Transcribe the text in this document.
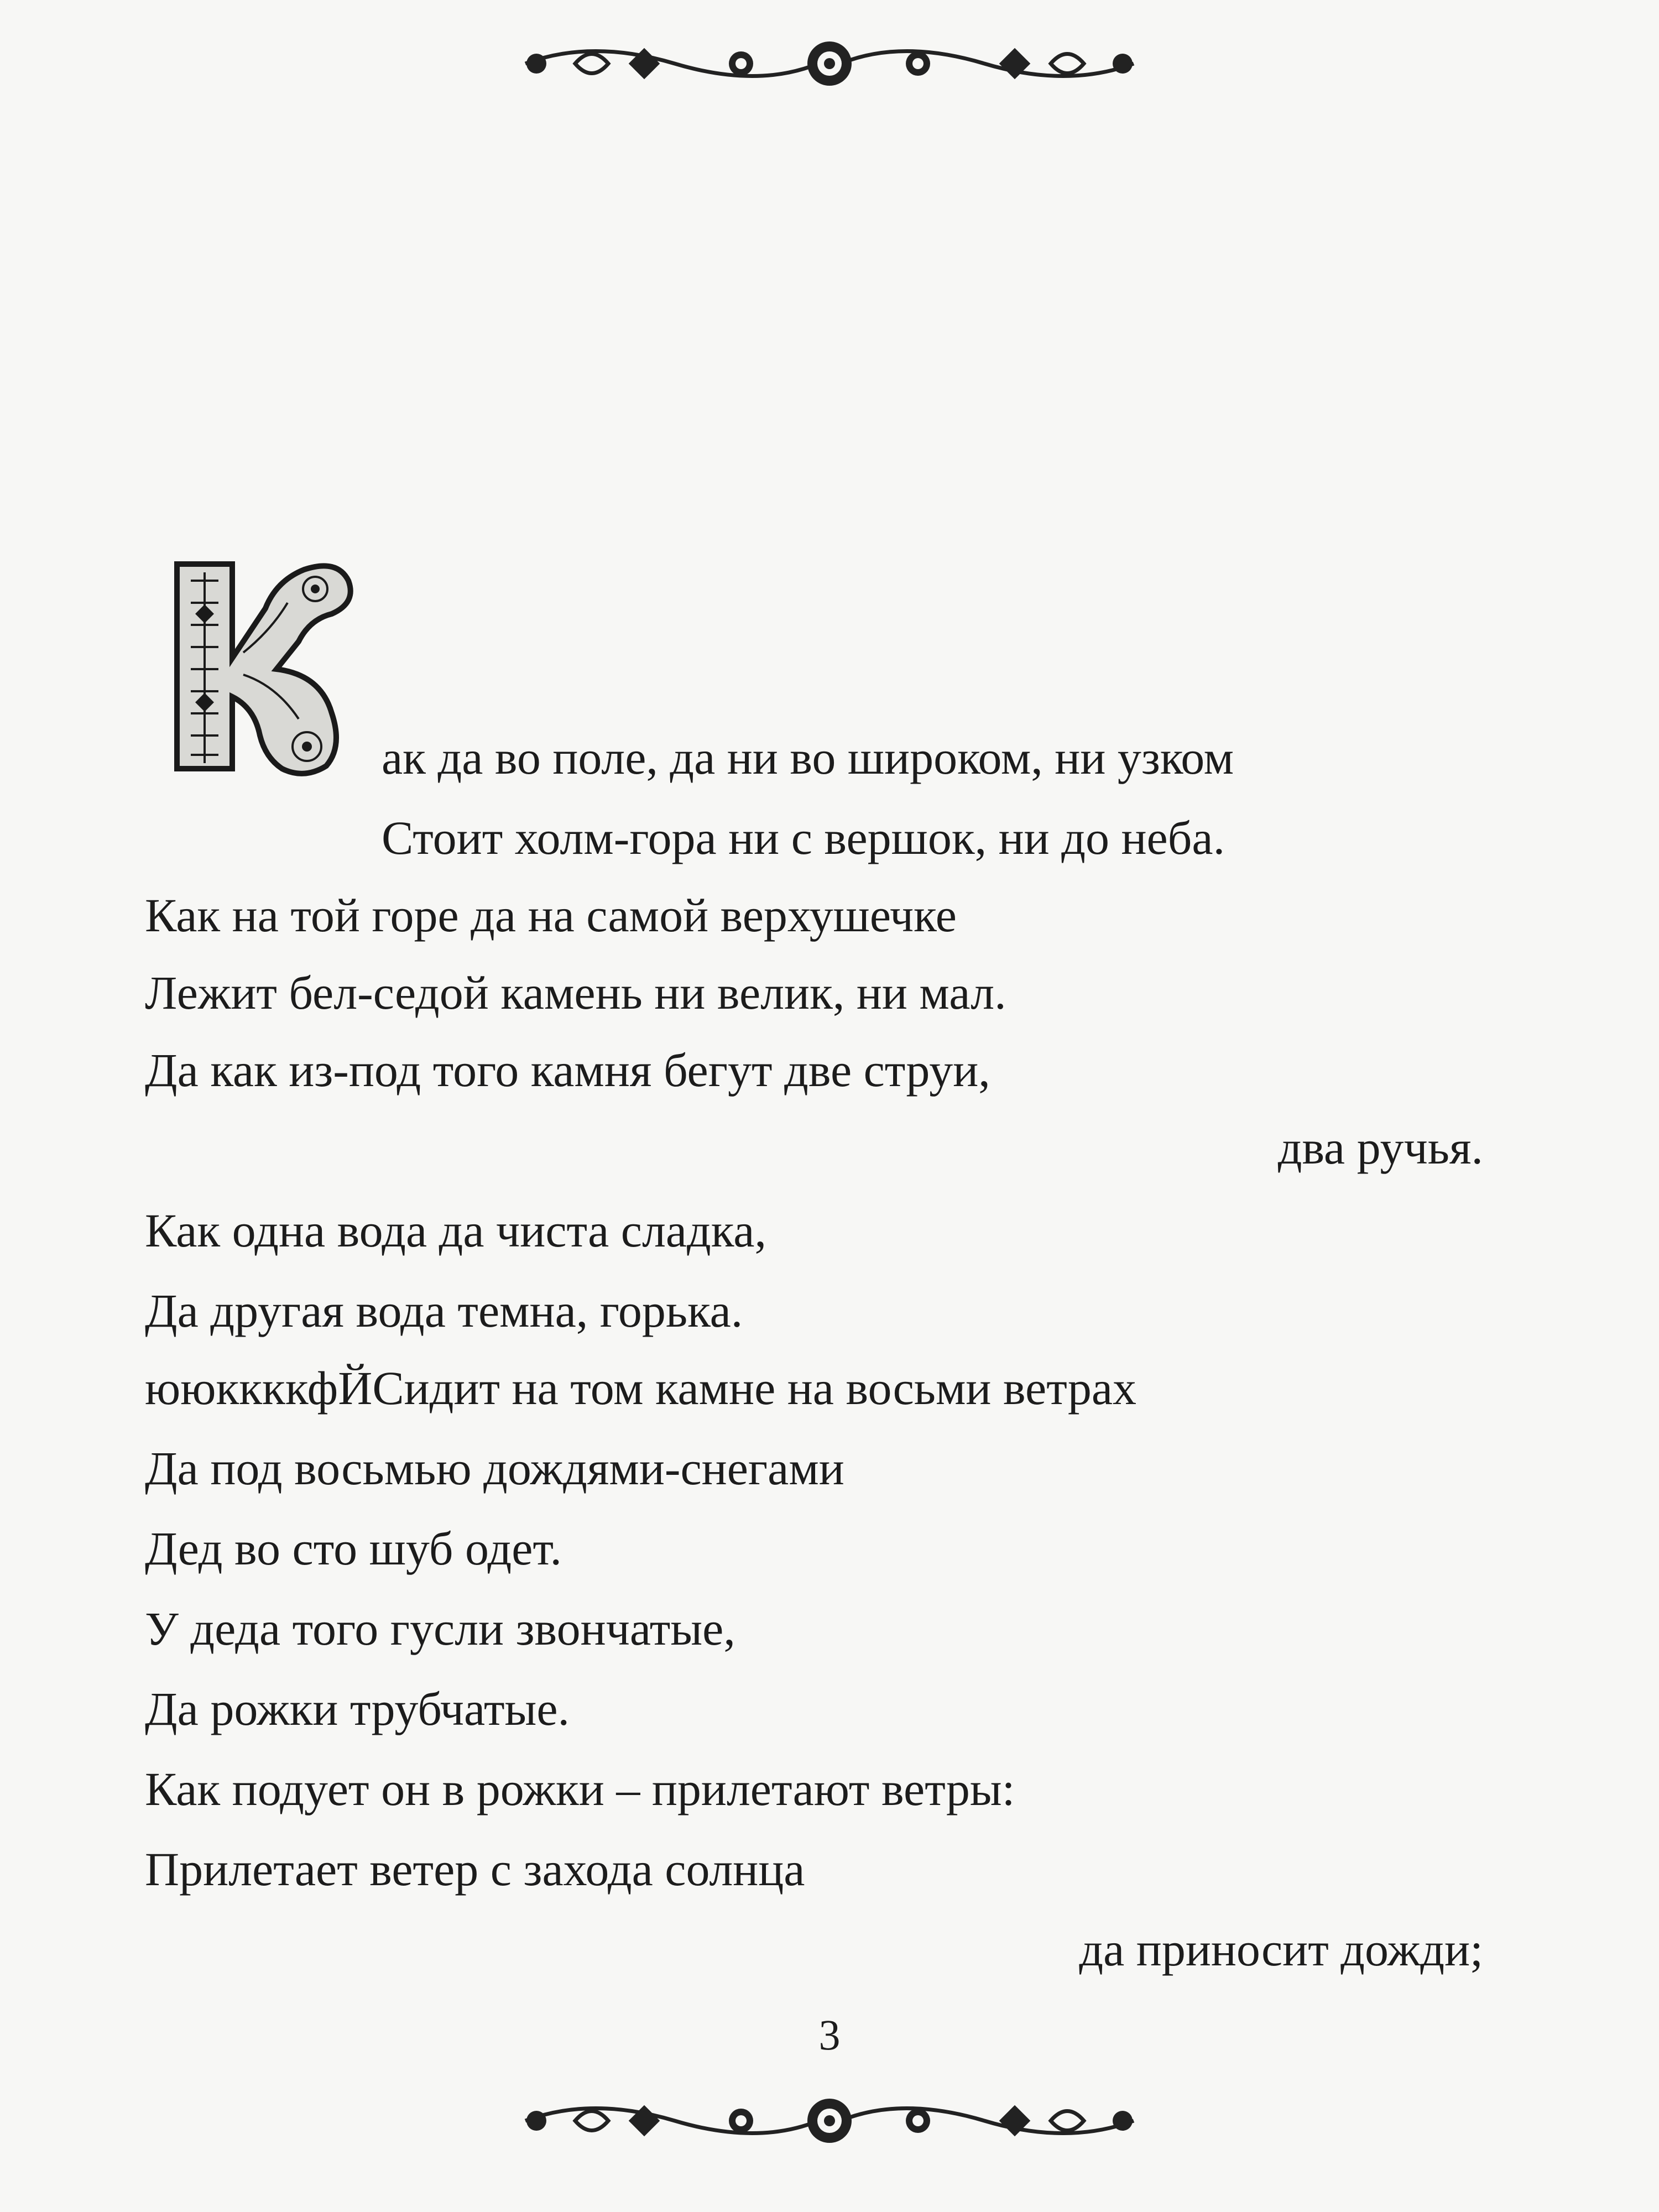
ак да во поле, да ни во широком, ни узком
Стоит холм-гора ни с вершок, ни до неба.
Как на той горе да на самой верхушечке
Лежит бел-седой камень ни велик, ни мал.
Да как из-под того камня бегут две струи,
два ручья.
Как одна вода да чиста сладка,
Да другая вода темна, горька.
ююккккфЙСидит на том камне на восьми ветрах
Да под восьмью дождями-снегами
Дед во сто шуб одет.
У деда того гусли звончатые,
Да рожки трубчатые.
Как подует он в рожки – прилетают ветры:
Прилетает ветер с захода солнца
да приносит дожди;
3
